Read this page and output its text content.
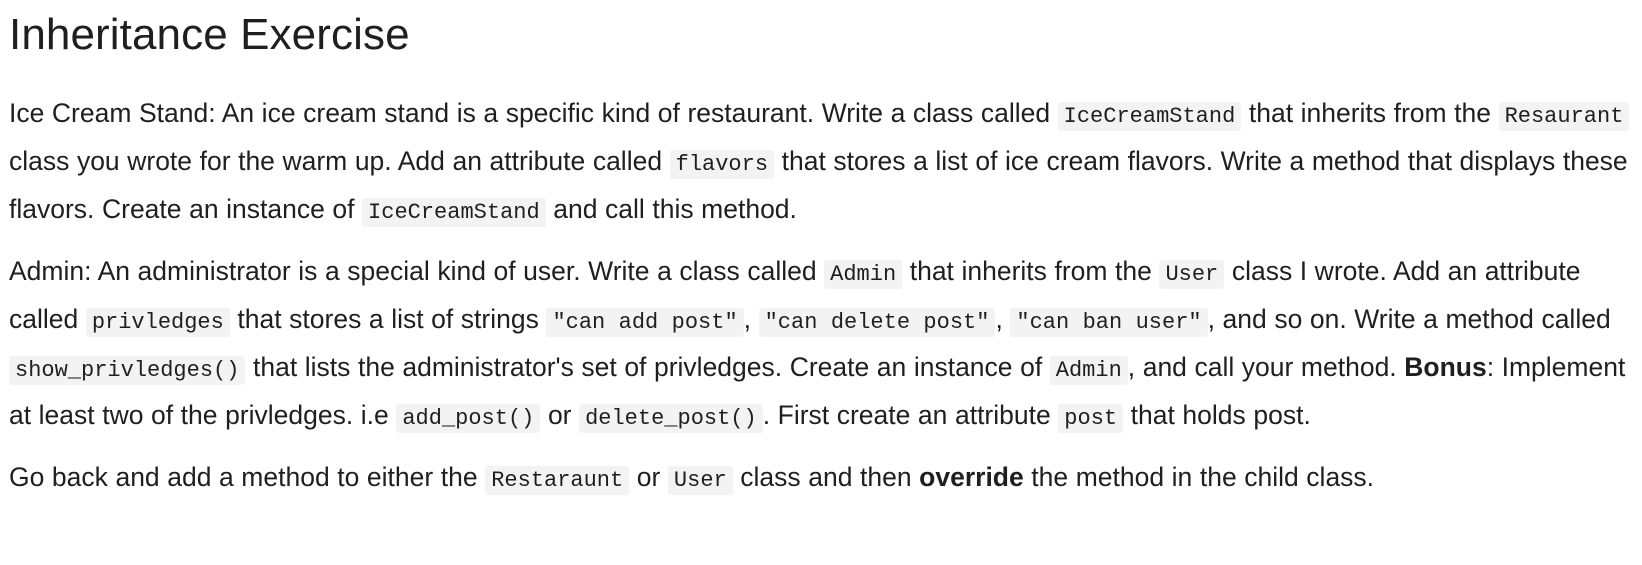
Inheritance Exercise

Ice Cream Stand: An ice cream stand is a specific kind of restaurant. Write a class called IceCreamStand that inherits from the Resaurant class you wrote for the warm up. Add an attribute called flavors that stores a list of ice cream flavors. Write a method that displays these flavors. Create an instance of IceCreamStand and call this method.

Admin: An administrator is a special kind of user. Write a class called Admin that inherits from the User class I wrote. Add an attribute called privledges that stores a list of strings "can add post" , "can delete post" , "can ban user" , and so on. Write a method called show_privledges() that lists the administrator's set of privledges. Create an instance of Admin , and call your method. Bonus: Implement at least two of the privledges. i.e add_post() or delete_post() . First create an attribute post that holds post.

Go back and add a method to either the Restaraunt or User class and then override the method in the child class.
